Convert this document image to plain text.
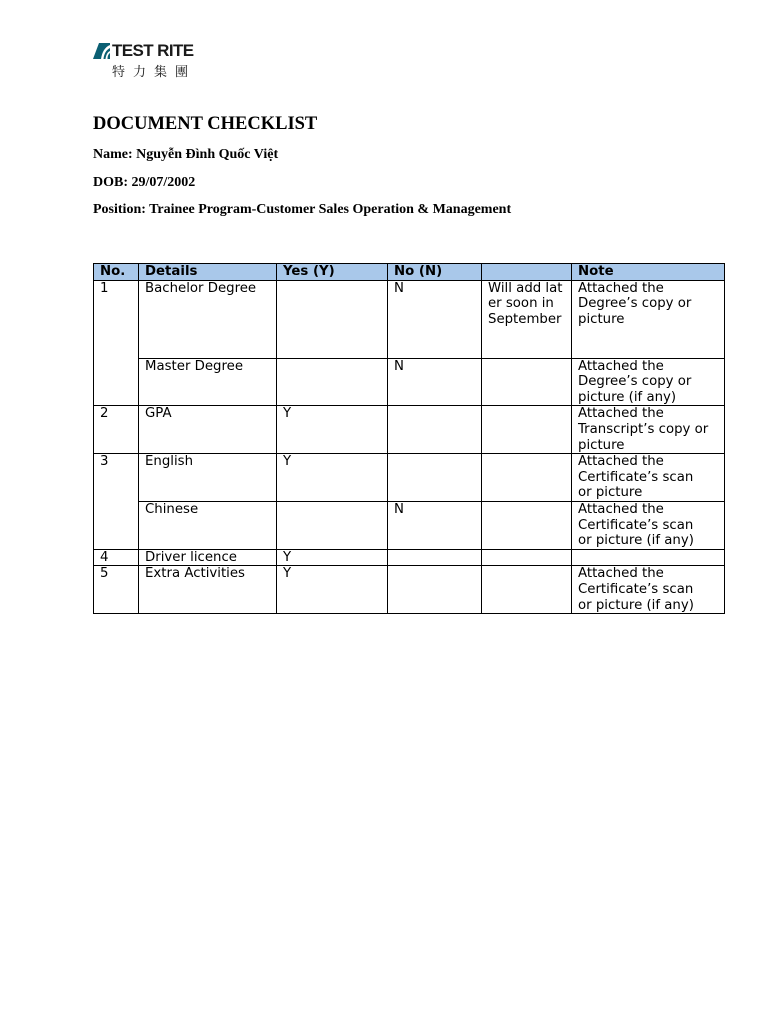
TEST RITE
特力集團
DOCUMENT CHECKLIST

Name: Nguyễn Đình Quốc Việt

DOB: 29/07/2002

Position: Trainee Program-Customer Sales Operation & Management

No.	Details	Yes (Y)	No (N)		Note
1	Bachelor Degree		N	Will add later soon in September	Attached the
Degree’s copy or
picture
	Master Degree		N		Attached the
Degree’s copy or
picture (if any)
2	GPA	Y			Attached the
Transcript’s copy or
picture
3	English	Y			Attached the
Certificate’s scan
or picture
	Chinese		N		Attached the
Certificate’s scan
or picture (if any)
4	Driver licence	Y			
5	Extra Activities	Y			Attached the
Certificate’s scan
or picture (if any)
